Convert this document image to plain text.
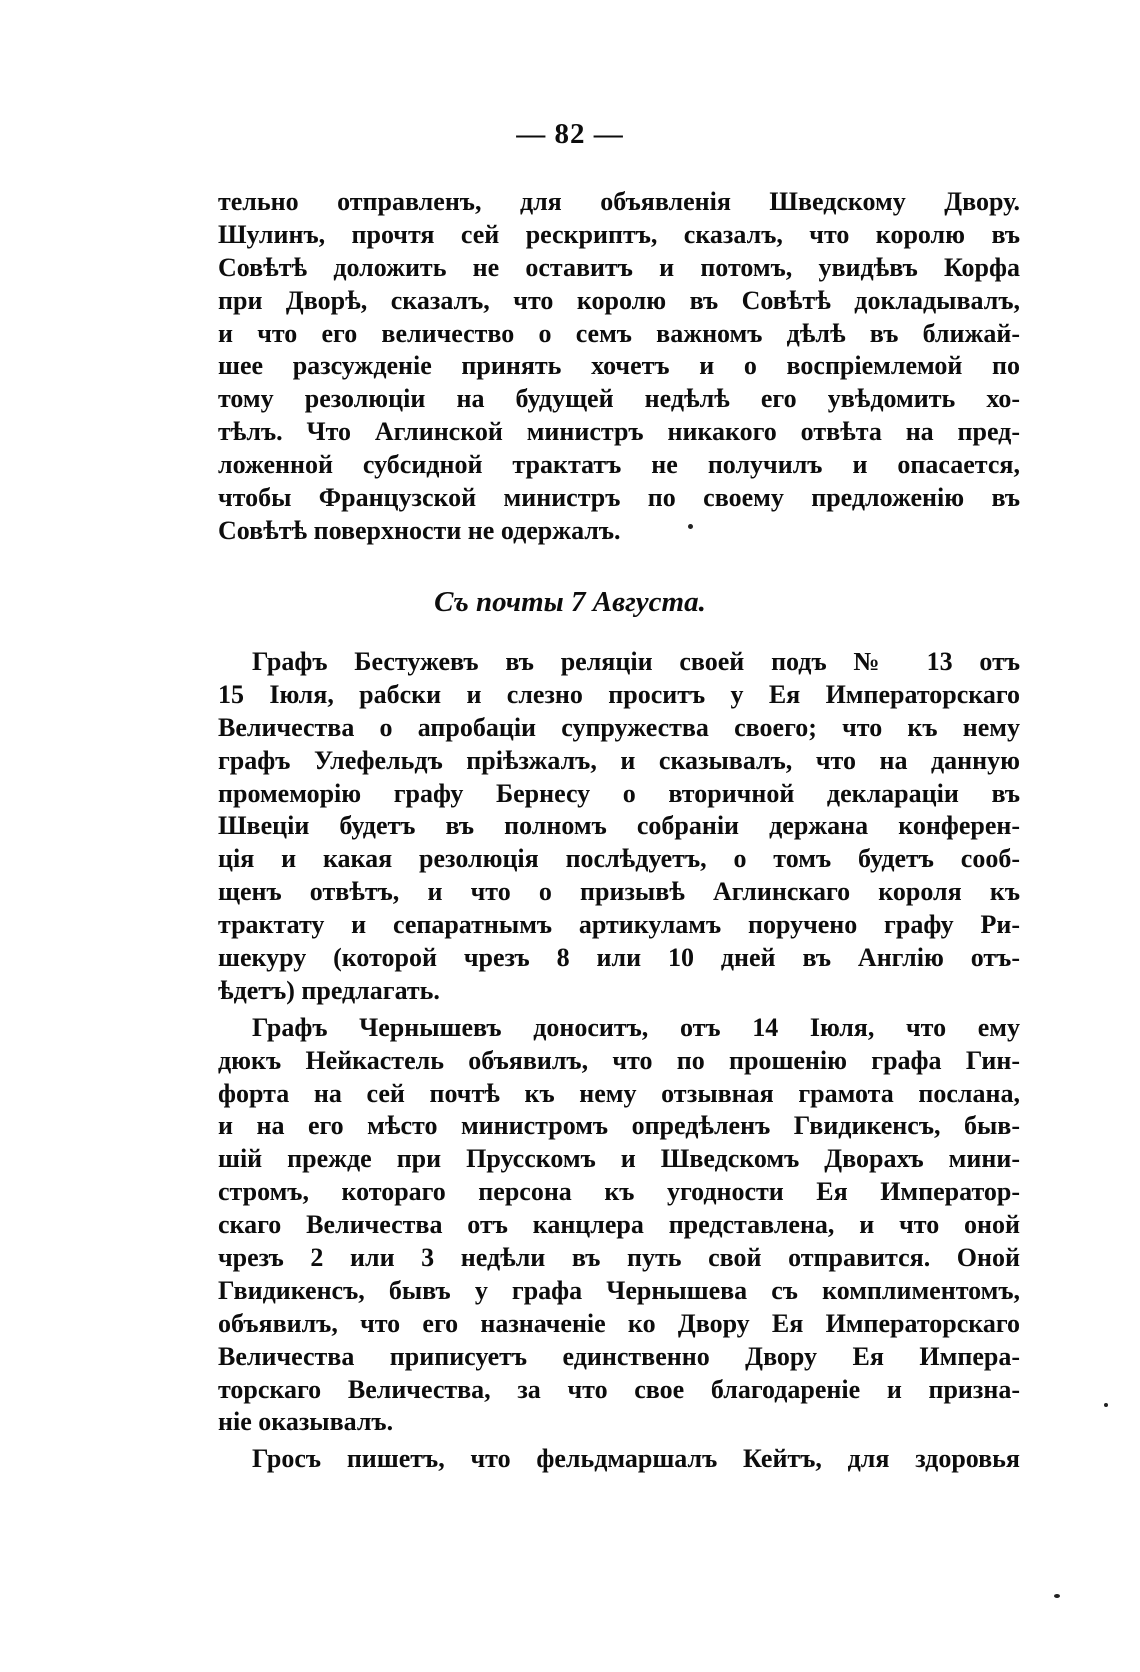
— 82 —
тельно отправленъ, для объявленія Шведскому Двору.
Шулинъ, прочтя сей рескриптъ, сказалъ, что королю въ
Совѣтѣ доложить не оставитъ и потомъ, увидѣвъ Корфа
при Дворѣ, сказалъ, что королю въ Совѣтѣ докладывалъ,
и что его величество о семъ важномъ дѣлѣ въ ближай-
шее разсужденіе принять хочетъ и о воспріемлемой по
тому резолюціи на будущей недѣлѣ его увѣдомить хо-
тѣлъ. Что Аглинской министръ никакого отвѣта на пред-
ложенной субсидной трактатъ не получилъ и опасается,
чтобы Французской министръ по своему предложенію въ
Совѣтѣ поверхности не одержалъ.
Съ почты 7 Августа.
Графъ Бестужевъ въ реляціи своей подъ № 13 отъ
15 Іюля, рабски и слезно проситъ у Ея Императорскаго
Величества о апробаціи супружества своего; что къ нему
графъ Улефельдъ пріѣзжалъ, и сказывалъ, что на данную
промеморію графу Бернесу о вторичной декларацiи въ
Швеціи будетъ въ полномъ собраніи держана конферен-
ція и какая резолюція послѣдуетъ, о томъ будетъ сооб-
щенъ отвѣтъ, и что о призывѣ Аглинскаго короля къ
трактату и сепаратнымъ артикуламъ поручено графу Ри-
шекуру (которой чрезъ 8 или 10 дней въ Англію отъ-
ѣдетъ) предлагать.
Графъ Чернышевъ доноситъ, отъ 14 Іюля, что ему
дюкъ Нейкастель объявилъ, что по прошенію графа Гин-
форта на сей почтѣ къ нему отзывная грамота послана,
и на его мѣсто министромъ опредѣленъ Гвидикенсъ, быв-
шій прежде при Прусскомъ и Шведскомъ Дворахъ мини-
стромъ, котораго персона къ угодности Ея Император-
скаго Величества отъ канцлера представлена, и что оной
чрезъ 2 или 3 недѣли въ путь свой отправится. Оной
Гвидикенсъ, бывъ у графа Чернышева съ комплиментомъ,
объявилъ, что его назначеніе ко Двору Ея Императорскаго
Величества приписуетъ единственно Двору Ея Импера-
торскаго Величества, за что свое благодареніе и призна-
ніе оказывалъ.
Гросъ пишетъ, что фельдмаршалъ Кейтъ, для здоровья
